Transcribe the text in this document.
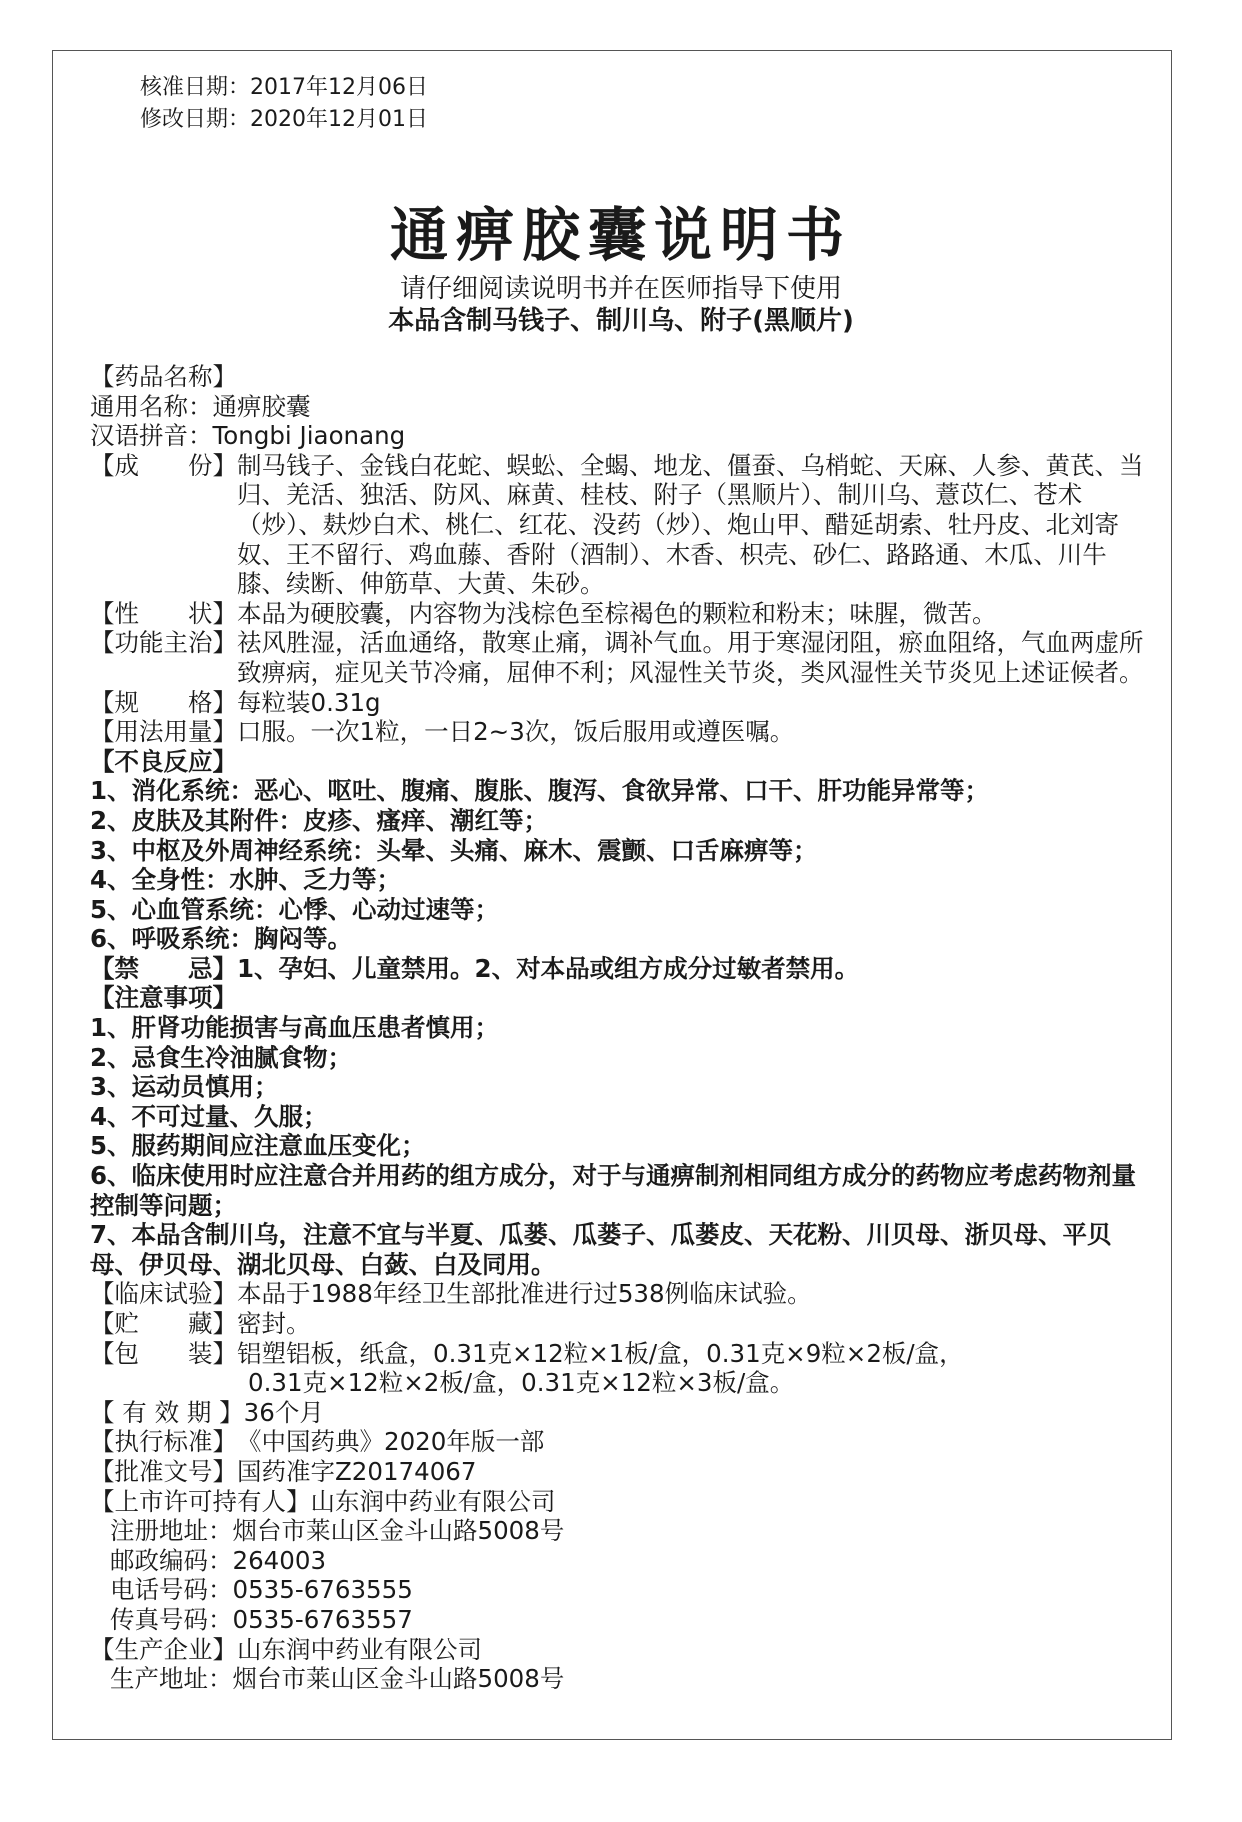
核准日期：2017年12月06日
修改日期：2020年12月01日
通痹胶囊说明书
请仔细阅读说明书并在医师指导下使用
本品含制马钱子、制川乌、附子(黑顺片)
【药品名称】
通用名称：通痹胶囊
汉语拼音：Tongbi Jiaonang
【成　　份】 制马钱子、金钱白花蛇、蜈蚣、全蝎、地龙、僵蚕、乌梢蛇、天麻、人参、黄芪、当归、羌活、独活、防风、麻黄、桂枝、附子（黑顺片）、制川乌、薏苡仁、苍术（炒）、麸炒白术、桃仁、红花、没药（炒）、炮山甲、醋延胡索、牡丹皮、北刘寄奴、王不留行、鸡血藤、香附（酒制）、木香、枳壳、砂仁、路路通、木瓜、川牛膝、续断、伸筋草、大黄、朱砂。
【性　　状】 本品为硬胶囊，内容物为浅棕色至棕褐色的颗粒和粉末；味腥，微苦。
【功能主治】 祛风胜湿，活血通络，散寒止痛，调补气血。用于寒湿闭阻，瘀血阻络，气血两虚所致痹病，症见关节冷痛，屈伸不利；风湿性关节炎，类风湿性关节炎见上述证候者。
【规　　格】 每粒装0.31g
【用法用量】 口服。一次1粒，一日2~3次，饭后服用或遵医嘱。
【不良反应】
1、消化系统：恶心、呕吐、腹痛、腹胀、腹泻、食欲异常、口干、肝功能异常等；
2、皮肤及其附件：皮疹、瘙痒、潮红等；
3、中枢及外周神经系统：头晕、头痛、麻木、震颤、口舌麻痹等；
4、全身性：水肿、乏力等；
5、心血管系统：心悸、心动过速等；
6、呼吸系统：胸闷等。
【禁　　忌】 1、孕妇、儿童禁用。2、对本品或组方成分过敏者禁用。
【注意事项】
1、肝肾功能损害与高血压患者慎用；
2、忌食生冷油腻食物；
3、运动员慎用；
4、不可过量、久服；
5、服药期间应注意血压变化；
6、临床使用时应注意合并用药的组方成分，对于与通痹制剂相同组方成分的药物应考虑药物剂量控制等问题；
7、本品含制川乌，注意不宜与半夏、瓜蒌、瓜蒌子、瓜蒌皮、天花粉、川贝母、浙贝母、平贝母、伊贝母、湖北贝母、白蔹、白及同用。
【临床试验】 本品于1988年经卫生部批准进行过538例临床试验。
【贮　　藏】 密封。
【包　　装】 铝塑铝板，纸盒，0.31克×12粒×1板/盒，0.31克×9粒×2板/盒，
0.31克×12粒×2板/盒，0.31克×12粒×3板/盒。
【 有 效 期 】 36个月
【执行标准】 《中国药典》2020年版一部
【批准文号】 国药准字Z20174067
【上市许可持有人】 山东润中药业有限公司
注册地址：烟台市莱山区金斗山路5008号
邮政编码：264003
电话号码：0535-6763555
传真号码：0535-6763557
【生产企业】 山东润中药业有限公司
生产地址：烟台市莱山区金斗山路5008号
